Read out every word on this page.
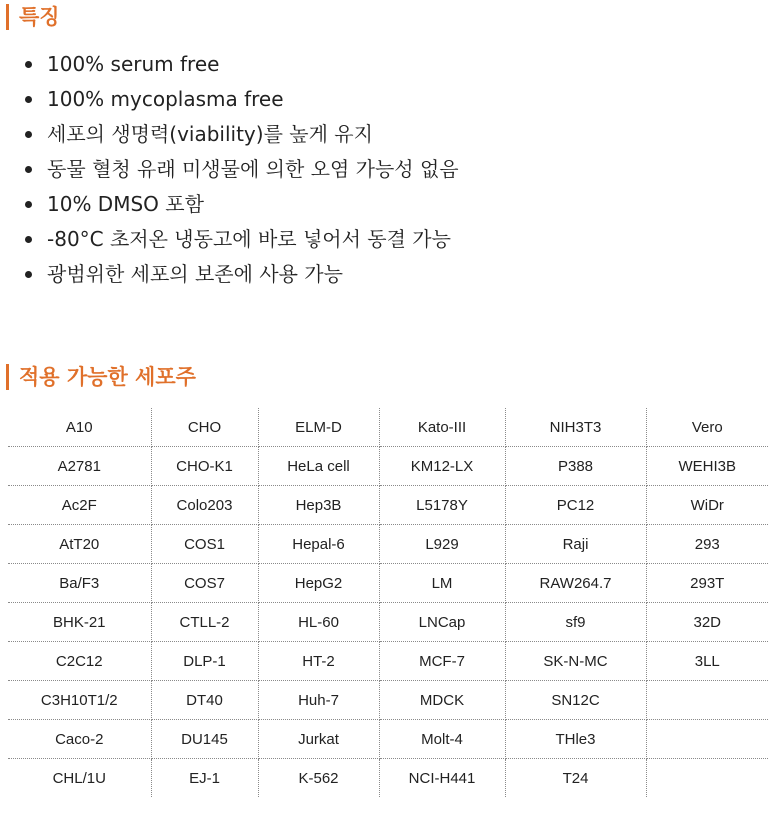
특징
100% serum free
100% mycoplasma free
세포의 생명력(viability)를 높게 유지
동물 혈청 유래 미생물에 의한 오염 가능성 없음
10% DMSO 포함
-80°C 초저온 냉동고에 바로 넣어서 동결 가능
광범위한 세포의 보존에 사용 가능
적용 가능한 세포주
A10	CHO	ELM-D	Kato-III	NIH3T3	Vero
A2781	CHO-K1	HeLa cell	KM12-LX	P388	WEHI3B
Ac2F	Colo203	Hep3B	L5178Y	PC12	WiDr
AtT20	COS1	Hepal-6	L929	Raji	293
Ba/F3	COS7	HepG2	LM	RAW264.7	293T
BHK-21	CTLL-2	HL-60	LNCap	sf9	32D
C2C12	DLP-1	HT-2	MCF-7	SK-N-MC	3LL
C3H10T1/2	DT40	Huh-7	MDCK	SN12C	
Caco-2	DU145	Jurkat	Molt-4	THle3	
CHL/1U	EJ-1	K-562	NCI-H441	T24	
